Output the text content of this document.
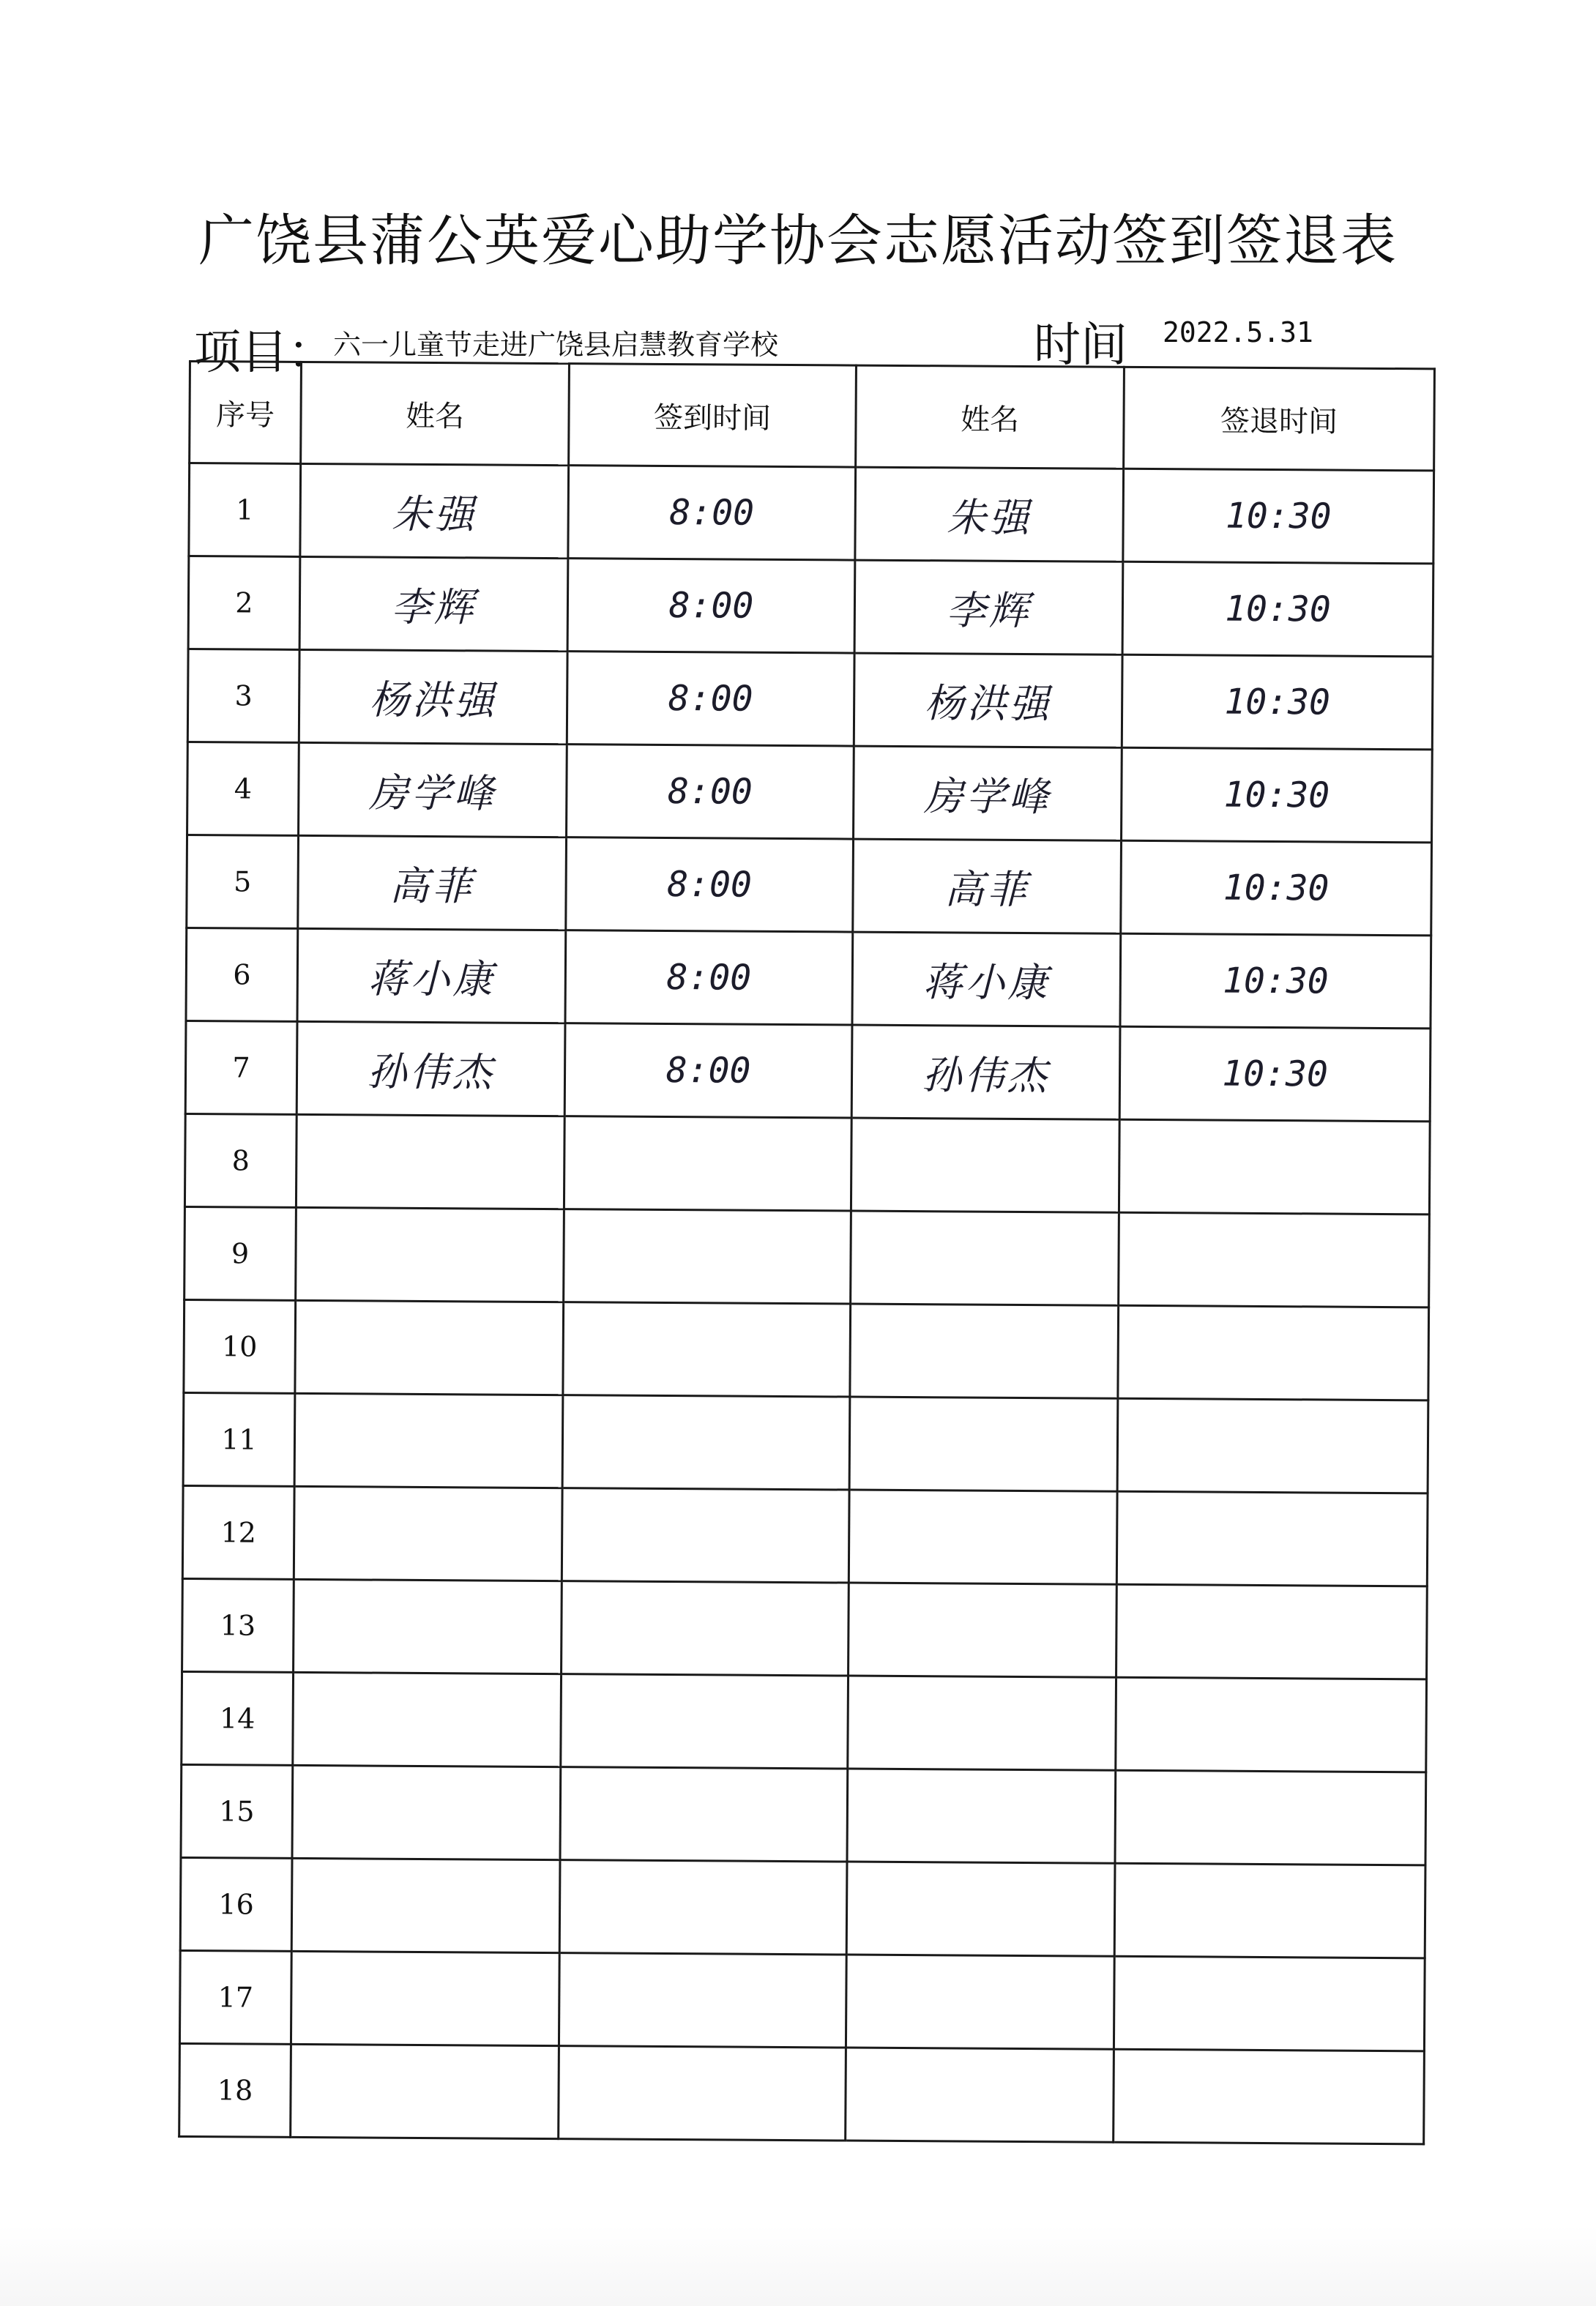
广饶县蒲公英爱心助学协会志愿活动签到签退表
项目：
六一儿童节走进广饶县启慧教育学校	时间 2022.5.31
序号	姓名	签到时间	姓名	签退时间
1	朱强	8:00	朱强	10:30
2	李辉	8:00	李辉	10:30
3	杨洪强	8:00	杨洪强	10:30
4	房学峰	8:00	房学峰	10:30
5	高菲	8:00	高菲	10:30
6	蒋小康	8:00	蒋小康	10:30
7	孙伟杰	8:00	孙伟杰	10:30
8				
9				
10				
11				
12				
13				
14				
15				
16				
17				
18				
